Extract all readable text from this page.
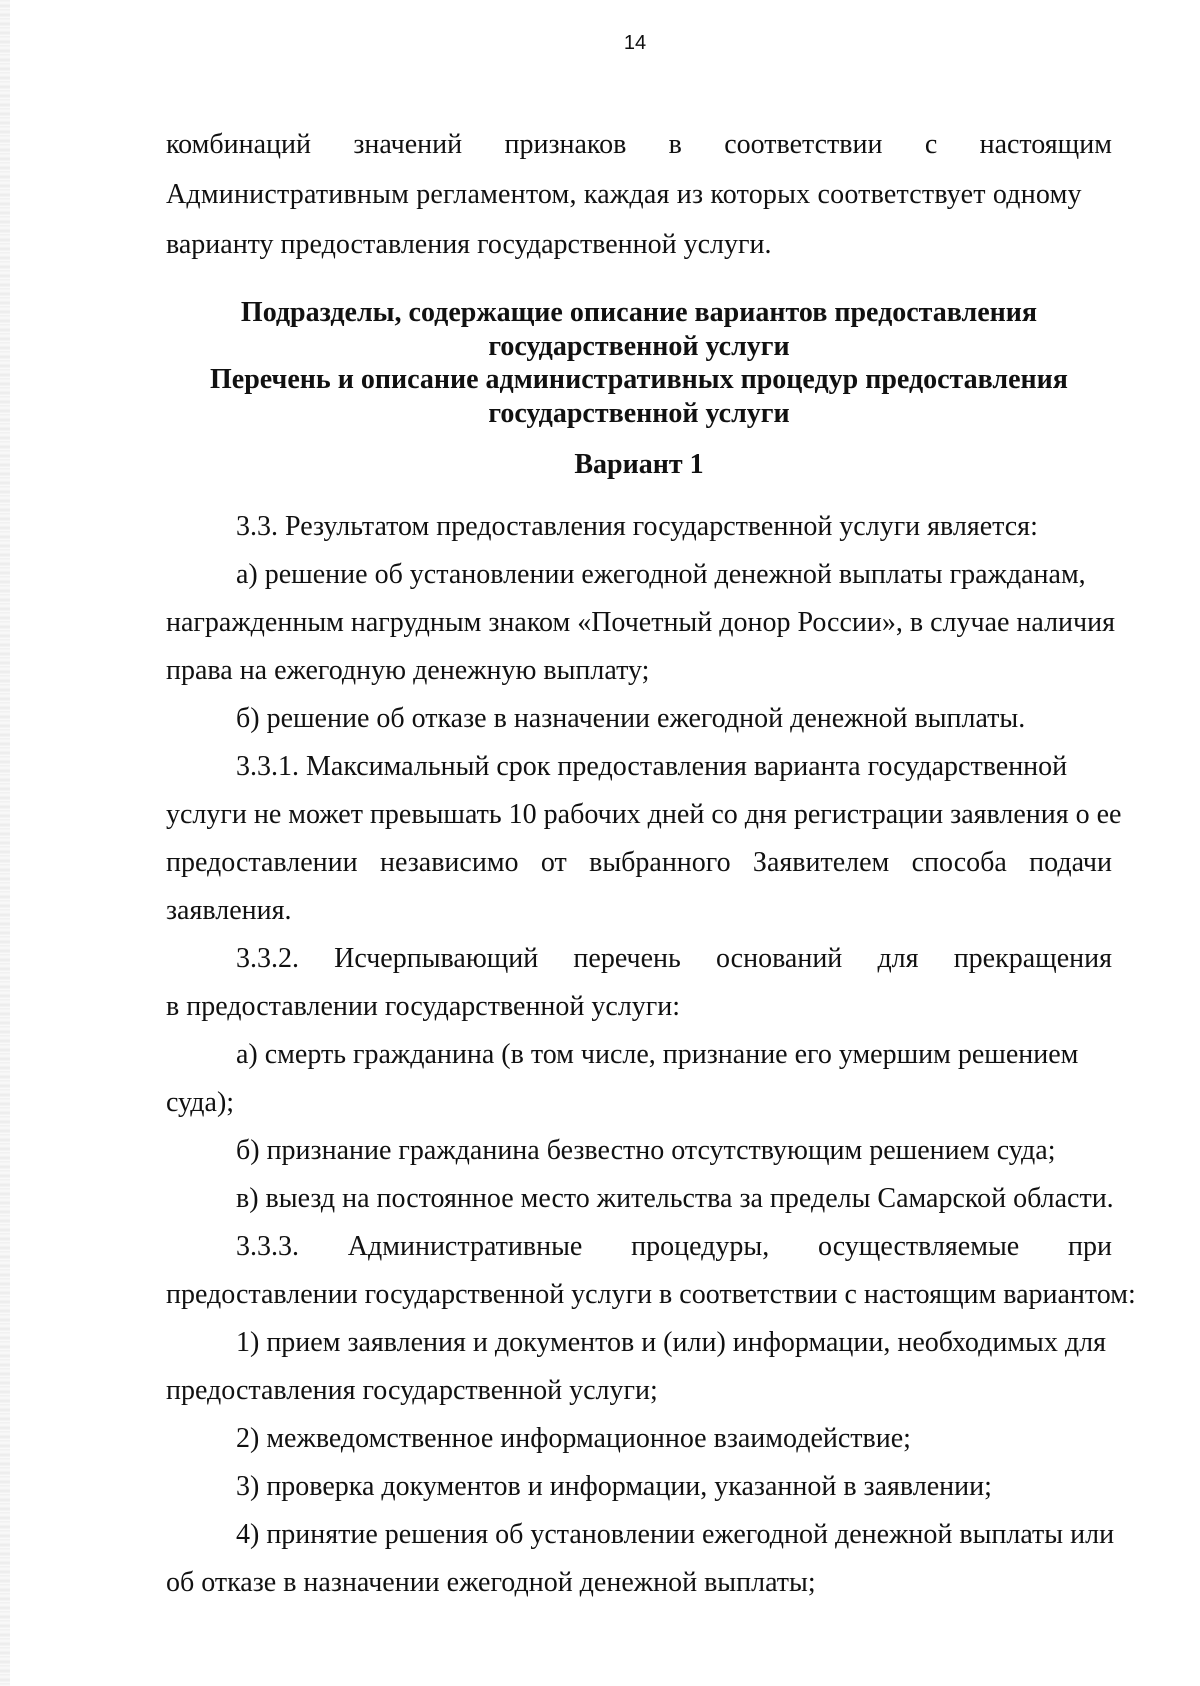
14
комбинаций значений признаков в соответствии с настоящим
Административным регламентом, каждая из которых соответствует одному
варианту предоставления государственной услуги.
Подразделы, содержащие описание вариантов предоставления
государственной услуги
Перечень и описание административных процедур предоставления
государственной услуги
Вариант 1
3.3. Результатом предоставления государственной услуги является:
а) решение об установлении ежегодной денежной выплаты гражданам,
награжденным нагрудным знаком «Почетный донор России», в случае наличия
права на ежегодную денежную выплату;
б) решение об отказе в назначении ежегодной денежной выплаты.
3.3.1. Максимальный срок предоставления варианта государственной
услуги не может превышать 10 рабочих дней со дня регистрации заявления о ее
предоставлении независимо от выбранного Заявителем способа подачи
заявления.
3.3.2. Исчерпывающий перечень оснований для прекращения
в предоставлении государственной услуги:
а) смерть гражданина (в том числе, признание его умершим решением
суда);
б) признание гражданина безвестно отсутствующим решением суда;
в) выезд на постоянное место жительства за пределы Самарской области.
3.3.3. Административные процедуры, осуществляемые при
предоставлении государственной услуги в соответствии с настоящим вариантом:
1) прием заявления и документов и (или) информации, необходимых для
предоставления государственной услуги;
2) межведомственное информационное взаимодействие;
3) проверка документов и информации, указанной в заявлении;
4) принятие решения об установлении ежегодной денежной выплаты или
об отказе в назначении ежегодной денежной выплаты;
